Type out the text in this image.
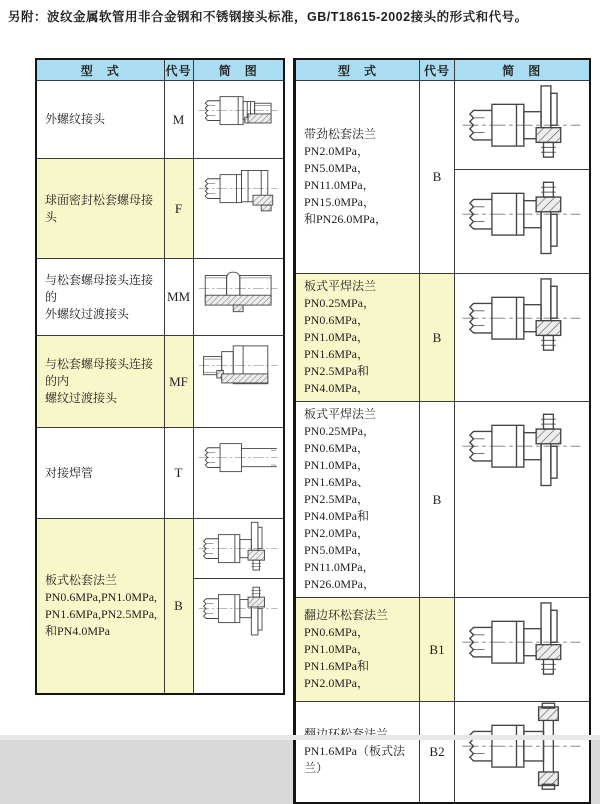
另附：波纹金属软管用非合金钢和不锈钢接头标准，GB/T18615-2002接头的形式和代号。
型　式	代号	简　图

外螺纹接头	M	

球面密封松套螺母接头	F	

与松套螺母接头连接的
外螺纹过渡接头	MM	

与松套螺母接头连接的内
螺纹过渡接头	MF	

对接焊管	T	

板式松套法兰
PN0.6MPa,PN1.0MPa,
PN1.6MPa,PN2.5MPa,
和PN4.0MPa	B	
型　式	代号	简　图

带劲松套法兰
PN2.0MPa，PN5.0MPa，
PN11.0MPa，PN15.0MPa，
和PN26.0MPa，	B	

板式平焊法兰
PN0.25MPa，PN0.6MPa，
PN1.0MPa，PN1.6MPa，
PN2.5MPa和PN4.0MPa，	B	

板式平焊法兰
PN0.25MPa，PN0.6MPa，
PN1.0MPa，PN1.6MPa、
PN2.5MPa，PN4.0MPa和
PN2.0MPa，PN5.0MPa，
PN11.0MPa，PN26.0MPa，
	B	

翻边环松套法兰
PN0.6MPa，PN1.0MPa，
PN1.6MPa和PN2.0MPa，	B1	

PN1.6MPa（板式法兰）	B2	
